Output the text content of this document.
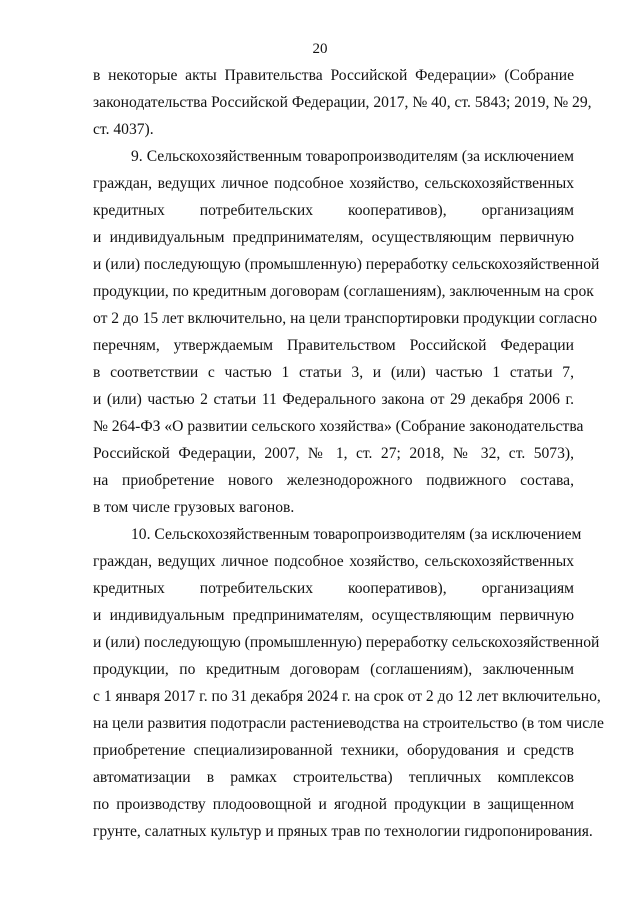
20
в некоторые акты Правительства Российской Федерации» (Собрание
законодательства Российской Федерации, 2017, № 40, ст. 5843; 2019, № 29,
ст. 4037).
9. Сельскохозяйственным товаропроизводителям (за исключением
граждан, ведущих личное подсобное хозяйство, сельскохозяйственных
кредитных потребительских кооперативов), организациям
и индивидуальным предпринимателям, осуществляющим первичную
и (или) последующую (промышленную) переработку сельскохозяйственной
продукции, по кредитным договорам (соглашениям), заключенным на срок
от 2 до 15 лет включительно, на цели транспортировки продукции согласно
перечням, утверждаемым Правительством Российской Федерации
в соответствии с частью 1 статьи 3, и (или) частью 1 статьи 7,
и (или) частью 2 статьи 11 Федерального закона от 29 декабря 2006 г.
№ 264-ФЗ «О развитии сельского хозяйства» (Собрание законодательства
Российской Федерации, 2007, № 1, ст. 27; 2018, № 32, ст. 5073),
на приобретение нового железнодорожного подвижного состава,
в том числе грузовых вагонов.
10. Сельскохозяйственным товаропроизводителям (за исключением
граждан, ведущих личное подсобное хозяйство, сельскохозяйственных
кредитных потребительских кооперативов), организациям
и индивидуальным предпринимателям, осуществляющим первичную
и (или) последующую (промышленную) переработку сельскохозяйственной
продукции, по кредитным договорам (соглашениям), заключенным
с 1 января 2017 г. по 31 декабря 2024 г. на срок от 2 до 12 лет включительно,
на цели развития подотрасли растениеводства на строительство (в том числе
приобретение специализированной техники, оборудования и средств
автоматизации в рамках строительства) тепличных комплексов
по производству плодоовощной и ягодной продукции в защищенном
грунте, салатных культур и пряных трав по технологии гидропонирования.
